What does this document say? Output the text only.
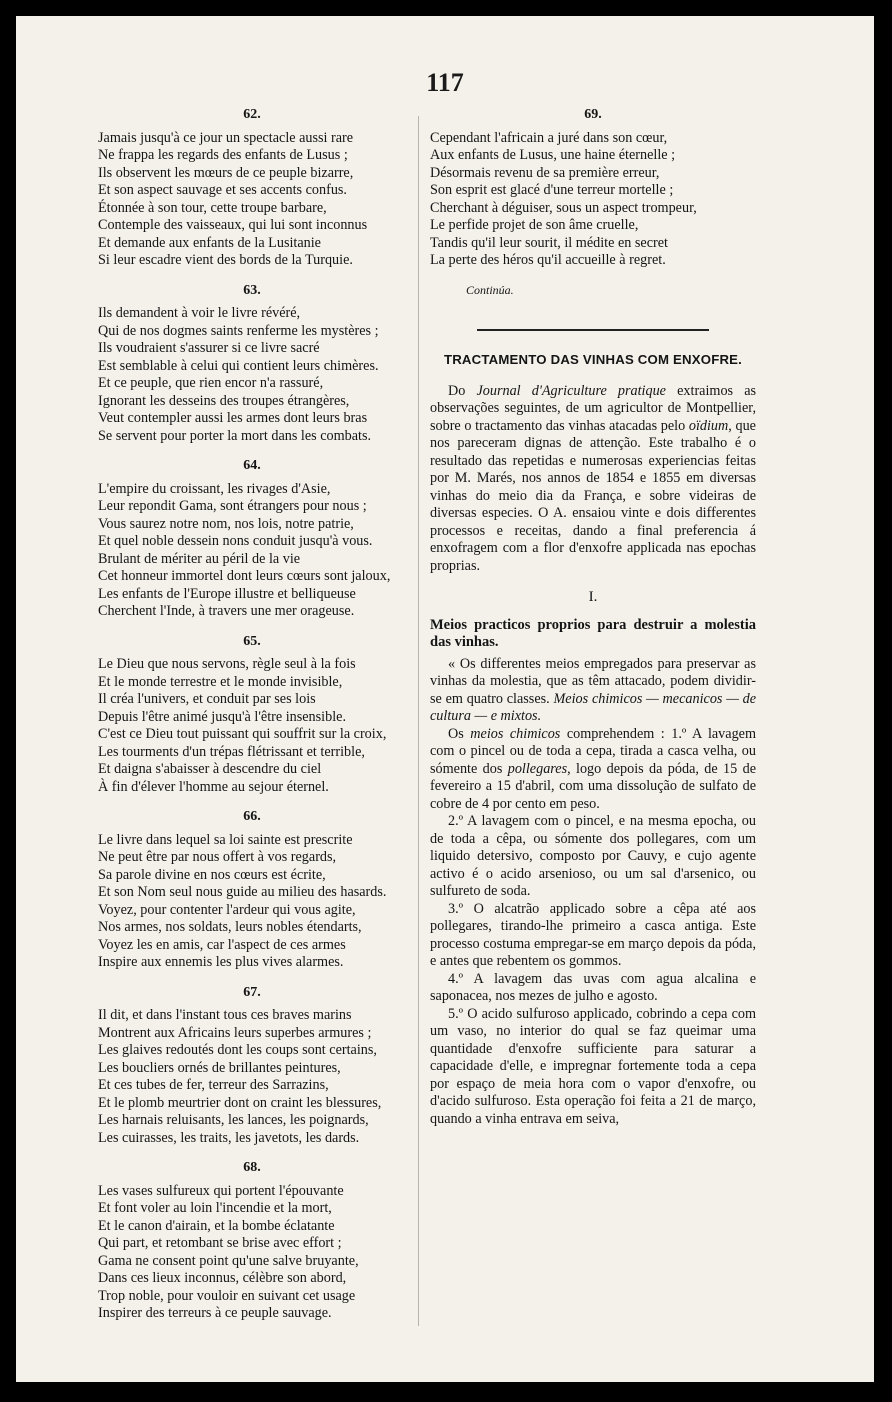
117
62.
Jamais jusqu'à ce jour un spectacle aussi rare
Ne frappa les regards des enfants de Lusus ;
Ils observent les mœurs de ce peuple bizarre,
Et son aspect sauvage et ses accents confus.
Étonnée à son tour, cette troupe barbare,
Contemple des vaisseaux, qui lui sont inconnus
Et demande aux enfants de la Lusitanie
Si leur escadre vient des bords de la Turquie.
63.
Ils demandent à voir le livre révéré,
Qui de nos dogmes saints renferme les mystères ;
Ils voudraient s'assurer si ce livre sacré
Est semblable à celui qui contient leurs chimères.
Et ce peuple, que rien encor n'a rassuré,
Ignorant les desseins des troupes étrangères,
Veut contempler aussi les armes dont leurs bras
Se servent pour porter la mort dans les combats.
64.
L'empire du croissant, les rivages d'Asie,
Leur repondit Gama, sont étrangers pour nous ;
Vous saurez notre nom, nos lois, notre patrie,
Et quel noble dessein nons conduit jusqu'à vous.
Brulant de mériter au péril de la vie
Cet honneur immortel dont leurs cœurs sont jaloux,
Les enfants de l'Europe illustre et belliqueuse
Cherchent l'Inde, à travers une mer orageuse.
65.
Le Dieu que nous servons, règle seul à la fois
Et le monde terrestre et le monde invisible,
Il créa l'univers, et conduit par ses lois
Depuis l'être animé jusqu'à l'être insensible.
C'est ce Dieu tout puissant qui souffrit sur la croix,
Les tourments d'un trépas flétrissant et terrible,
Et daigna s'abaisser à descendre du ciel
À fin d'élever l'homme au sejour éternel.
66.
Le livre dans lequel sa loi sainte est prescrite
Ne peut être par nous offert à vos regards,
Sa parole divine en nos cœurs est écrite,
Et son Nom seul nous guide au milieu des hasards.
Voyez, pour contenter l'ardeur qui vous agite,
Nos armes, nos soldats, leurs nobles étendarts,
Voyez les en amis, car l'aspect de ces armes
Inspire aux ennemis les plus vives alarmes.
67.
Il dit, et dans l'instant tous ces braves marins
Montrent aux Africains leurs superbes armures ;
Les glaives redoutés dont les coups sont certains,
Les boucliers ornés de brillantes peintures,
Et ces tubes de fer, terreur des Sarrazins,
Et le plomb meurtrier dont on craint les blessures,
Les harnais reluisants, les lances, les poignards,
Les cuirasses, les traits, les javetots, les dards.
68.
Les vases sulfureux qui portent l'épouvante
Et font voler au loin l'incendie et la mort,
Et le canon d'airain, et la bombe éclatante
Qui part, et retombant se brise avec effort ;
Gama ne consent point qu'une salve bruyante,
Dans ces lieux inconnus, célèbre son abord,
Trop noble, pour vouloir en suivant cet usage
Inspirer des terreurs à ce peuple sauvage.
69.
Cependant l'africain a juré dans son cœur,
Aux enfants de Lusus, une haine éternelle ;
Désormais revenu de sa première erreur,
Son esprit est glacé d'une terreur mortelle ;
Cherchant à déguiser, sous un aspect trompeur,
Le perfide projet de son âme cruelle,
Tandis qu'il leur sourit, il médite en secret
La perte des héros qu'il accueille à regret.
Continúa.
TRACTAMENTO DAS VINHAS COM ENXOFRE.

Do Journal d'Agriculture pratique extraimos as observações seguintes, de um agricultor de Montpellier, sobre o tractamento das vinhas atacadas pelo oïdium, que nos pareceram dignas de attenção. Este trabalho é o resultado das repetidas e numerosas experiencias feitas por M. Marés, nos annos de 1854 e 1855 em diversas vinhas do meio dia da França, e sobre videiras de diversas especies. O A. ensaiou vinte e dois differentes processos e receitas, dando a final preferencia á enxofragem com a flor d'enxofre applicada nas epochas proprias.

I.
Meios practicos proprios para destruir a molestia das vinhas.

« Os differentes meios empregados para preservar as vinhas da molestia, que as têm attacado, podem dividir-se em quatro classes. Meios chimicos — mecanicos — de cultura — e mixtos.

Os meios chimicos comprehendem : 1.º A lavagem com o pincel ou de toda a cepa, tirada a casca velha, ou sómente dos pollegares, logo depois da póda, de 15 de fevereiro a 15 d'abril, com uma dissolução de sulfato de cobre de 4 por cento em peso.

2.º A lavagem com o pincel, e na mesma epocha, ou de toda a cêpa, ou sómente dos pollegares, com um liquido detersivo, composto por Cauvy, e cujo agente activo é o acido arsenioso, ou um sal d'arsenico, ou sulfureto de soda.

3.º O alcatrão applicado sobre a cêpa até aos pollegares, tirando-lhe primeiro a casca antiga. Este processo costuma empregar-se em março depois da póda, e antes que rebentem os gommos.

4.º A lavagem das uvas com agua alcalina e saponacea, nos mezes de julho e agosto.

5.º O acido sulfuroso applicado, cobrindo a cepa com um vaso, no interior do qual se faz queimar uma quantidade d'enxofre sufficiente para saturar a capacidade d'elle, e impregnar fortemente toda a cepa por espaço de meia hora com o vapor d'enxofre, ou d'acido sulfuroso. Esta operação foi feita a 21 de março, quando a vinha entrava em seiva,
